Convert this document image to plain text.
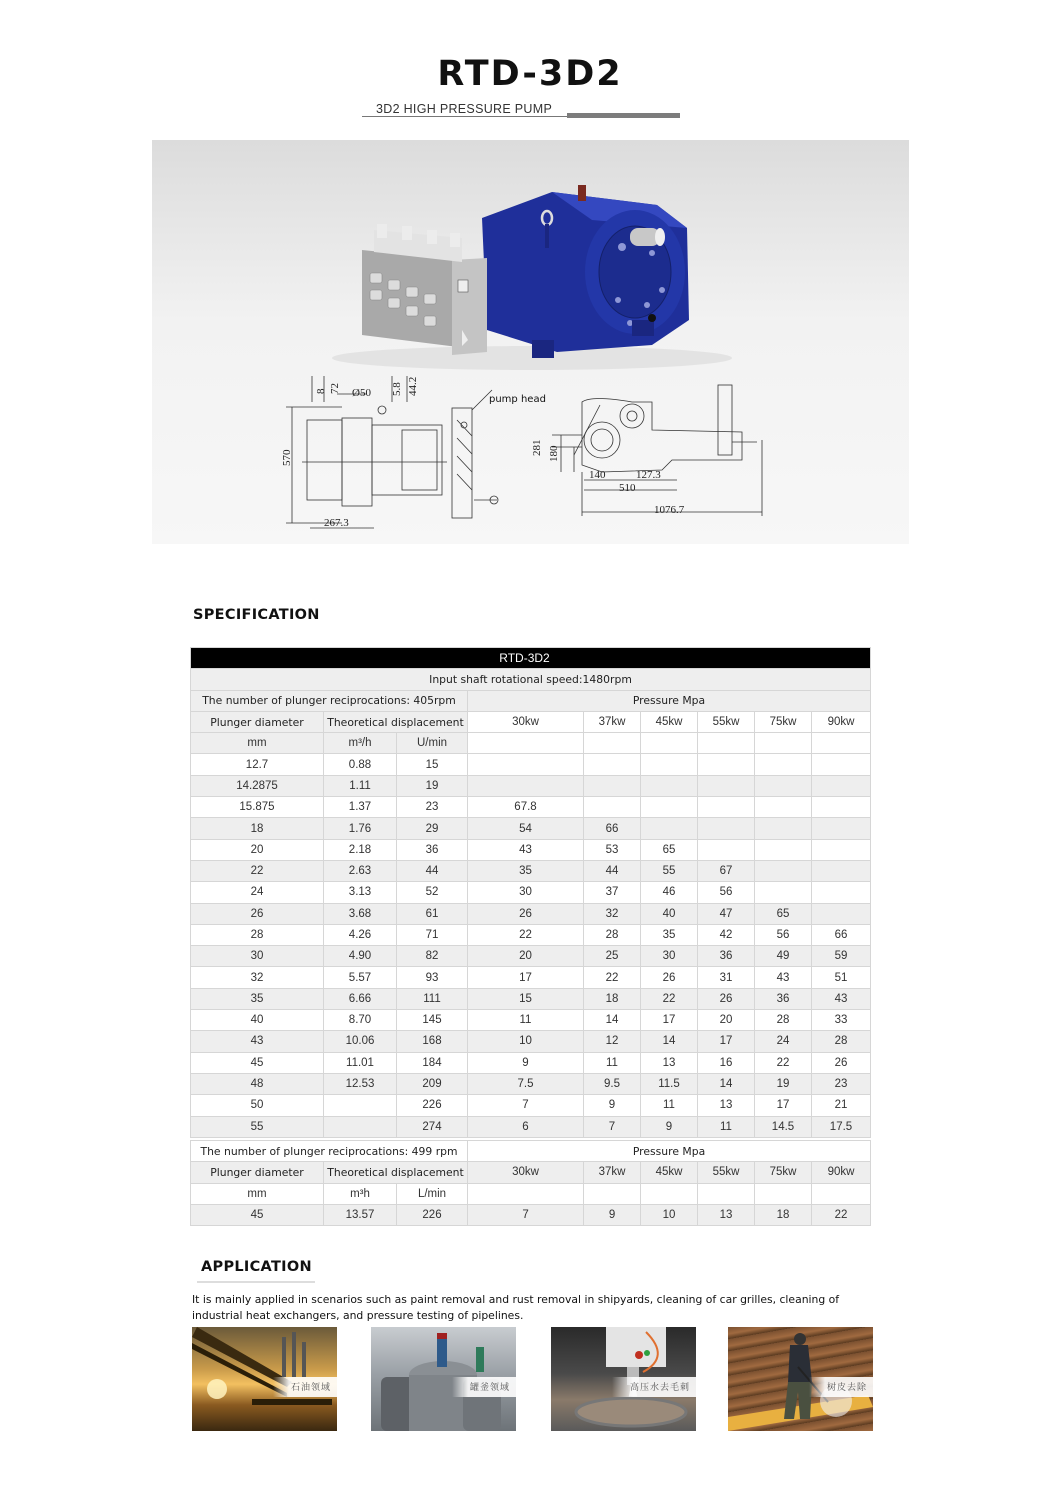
RTD-3D2
3D2 HIGH PRESSURE PUMP
570
267.3
8 72 Ø50 5.8 44.2
pump head
281 180
140	127.3
510
1076.7
SPECIFICATION
RTD-3D2								
Input shaft rotational speed:1480rpm								
The number of plunger reciprocations: 405rpm			Pressure Mpa					
Plunger diameter	Theoretical displacement		30kw	37kw	45kw	55kw	75kw	90kw
mm	m³/h	U/min						
12.7	0.88	15						
14.2875	1.11	19						
15.875	1.37	23	67.8					
18	1.76	29	54	66				
20	2.18	36	43	53	65			
22	2.63	44	35	44	55	67		
24	3.13	52	30	37	46	56		
26	3.68	61	26	32	40	47	65	
28	4.26	71	22	28	35	42	56	66
30	4.90	82	20	25	30	36	49	59
32	5.57	93	17	22	26	31	43	51
35	6.66	111	15	18	22	26	36	43
40	8.70	145	11	14	17	20	28	33
43	10.06	168	10	12	14	17	24	28
45	11.01	184	9	11	13	16	22	26
48	12.53	209	7.5	9.5	11.5	14	19	23
50		226	7	9	11	13	17	21
55		274	6	7	9	11	14.5	17.5
The number of plunger reciprocations: 499 rpm			Pressure Mpa					
Plunger diameter	Theoretical displacement		30kw	37kw	45kw	55kw	75kw	90kw
mm	m³h	L/min						
45	13.57	226	7	9	10	13	18	22
APPLICATION
It is mainly applied in scenarios such as paint removal and rust removal in shipyards, cleaning of car grilles, cleaning of industrial heat exchangers, and pressure testing of pipelines.
石油领域	罐釜领域	高压水去毛刺	树皮去除
